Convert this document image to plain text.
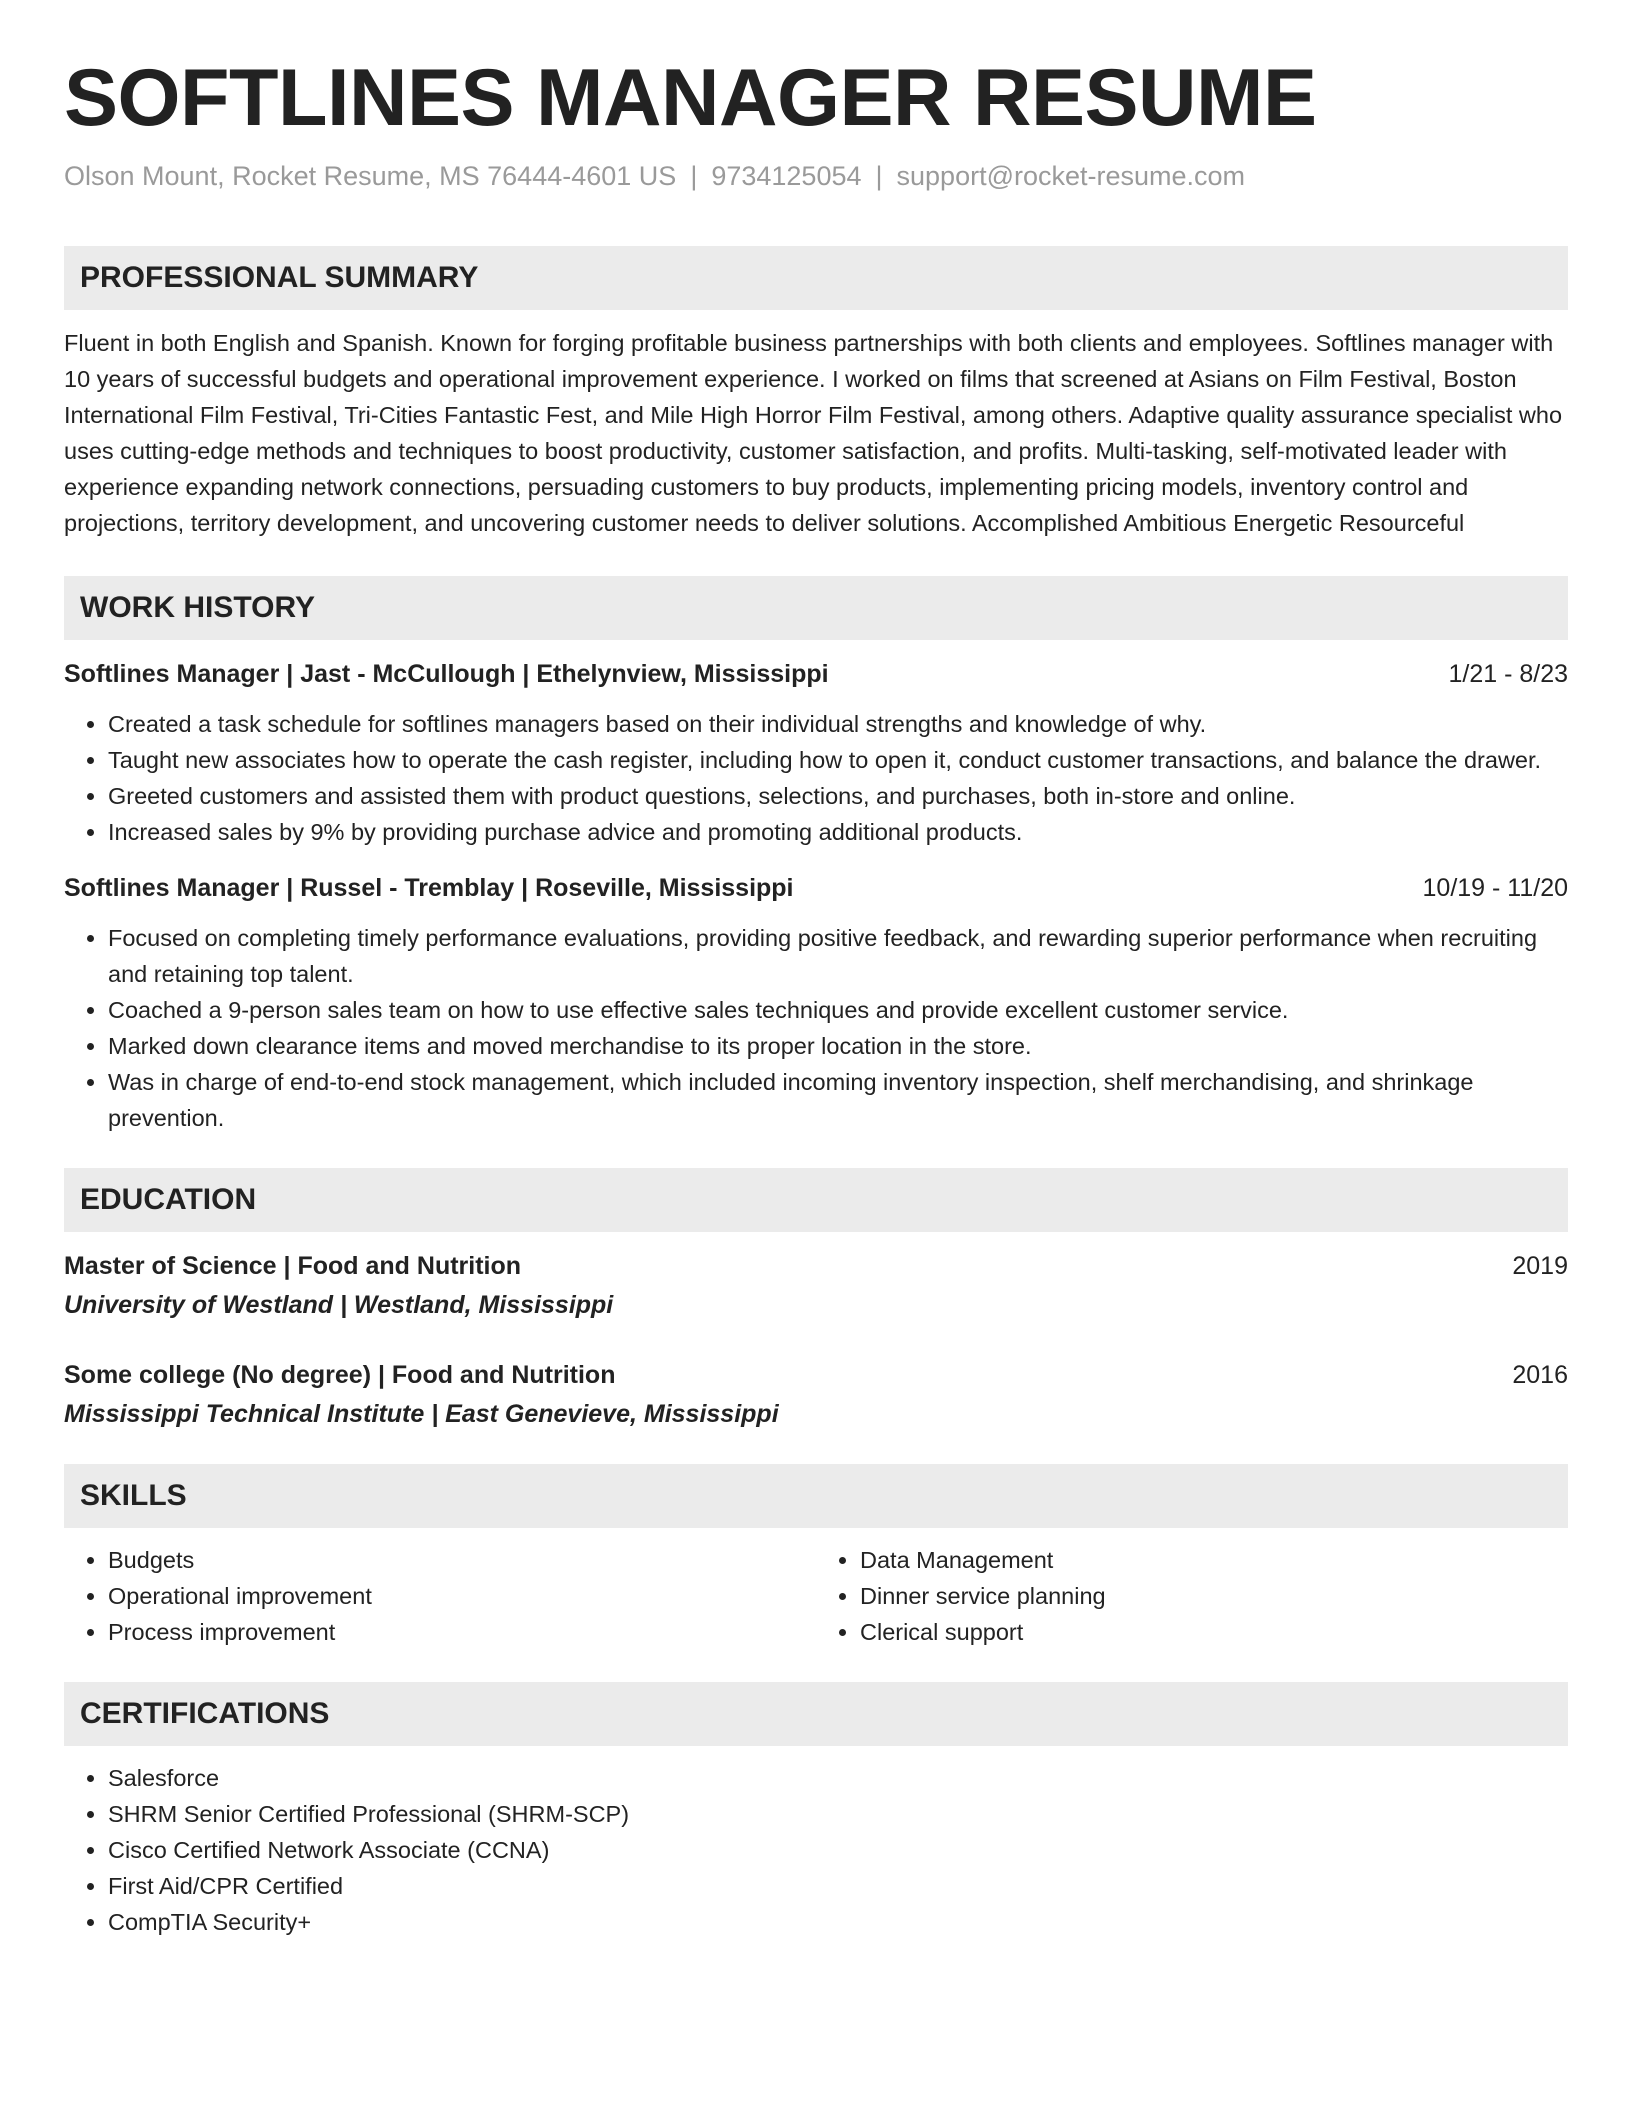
SOFTLINES MANAGER RESUME
Olson Mount, Rocket Resume, MS 76444-4601 US | 9734125054 | support@rocket-resume.com
PROFESSIONAL SUMMARY
Fluent in both English and Spanish. Known for forging profitable business partnerships with both clients and employees. Softlines manager with 10 years of successful budgets and operational improvement experience. I worked on films that screened at Asians on Film Festival, Boston International Film Festival, Tri-Cities Fantastic Fest, and Mile High Horror Film Festival, among others. Adaptive quality assurance specialist who uses cutting-edge methods and techniques to boost productivity, customer satisfaction, and profits. Multi-tasking, self-motivated leader with experience expanding network connections, persuading customers to buy products, implementing pricing models, inventory control and projections, territory development, and uncovering customer needs to deliver solutions. Accomplished Ambitious Energetic Resourceful
WORK HISTORY
Softlines Manager | Jast - McCullough | Ethelynview, Mississippi	1/21 - 8/23
• Created a task schedule for softlines managers based on their individual strengths and knowledge of why.
• Taught new associates how to operate the cash register, including how to open it, conduct customer transactions, and balance the drawer.
• Greeted customers and assisted them with product questions, selections, and purchases, both in-store and online.
• Increased sales by 9% by providing purchase advice and promoting additional products.
Softlines Manager | Russel - Tremblay | Roseville, Mississippi	10/19 - 11/20
• Focused on completing timely performance evaluations, providing positive feedback, and rewarding superior performance when recruiting and retaining top talent.
• Coached a 9-person sales team on how to use effective sales techniques and provide excellent customer service.
• Marked down clearance items and moved merchandise to its proper location in the store.
• Was in charge of end-to-end stock management, which included incoming inventory inspection, shelf merchandising, and shrinkage prevention.
EDUCATION
Master of Science | Food and Nutrition	2019
University of Westland | Westland, Mississippi
Some college (No degree) | Food and Nutrition	2016
Mississippi Technical Institute | East Genevieve, Mississippi
SKILLS
• Budgets
• Operational improvement
• Process improvement
• Data Management
• Dinner service planning
• Clerical support
CERTIFICATIONS
• Salesforce
• SHRM Senior Certified Professional (SHRM-SCP)
• Cisco Certified Network Associate (CCNA)
• First Aid/CPR Certified
• CompTIA Security+
